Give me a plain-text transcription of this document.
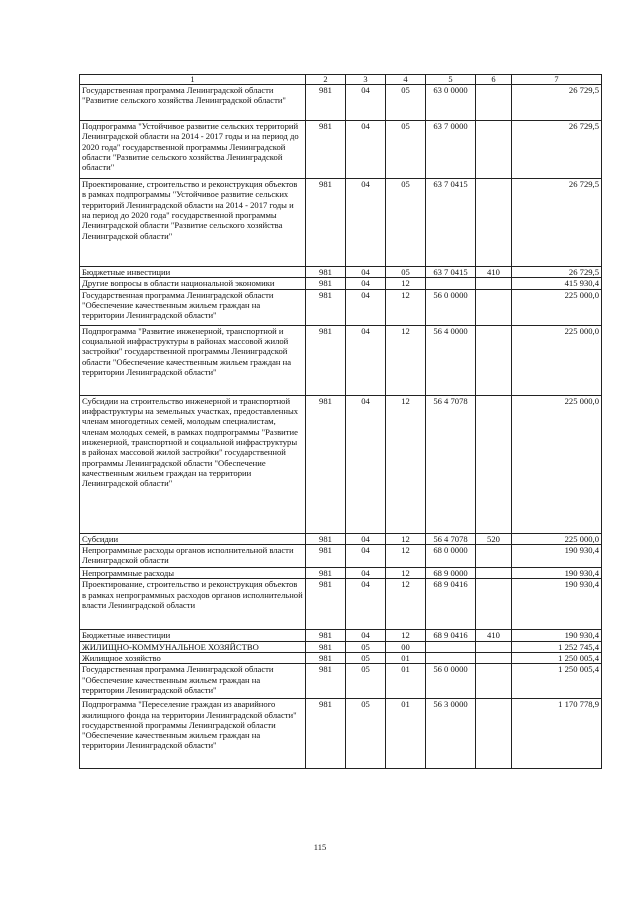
1	2	3	4	5	6	7
Государственная программа Ленинградской области "Развитие сельского хозяйства Ленинградской области"	981	04	05	63 0 0000		26 729,5
Подпрограмма "Устойчивое развитие сельских территорий Ленинградской области на 2014 - 2017 годы и на период до 2020 года" государственной программы Ленинградской области "Развитие сельского хозяйства Ленинградской области"	981	04	05	63 7 0000		26 729,5
Проектирование, строительство и реконструкция объектов в рамках подпрограммы "Устойчивое развитие сельских территорий Ленинградской области на 2014 - 2017 годы и на период до 2020 года" государственной программы Ленинградской области "Развитие сельского хозяйства Ленинградской области"	981	04	05	63 7 0415		26 729,5
Бюджетные инвестиции	981	04	05	63 7 0415	410	26 729,5
Другие вопросы в области национальной экономики	981	04	12			415 930,4
Государственная программа Ленинградской области "Обеспечение качественным жильем граждан на территории Ленинградской области"	981	04	12	56 0 0000		225 000,0
Подпрограмма "Развитие инженерной, транспортной и социальной инфраструктуры в районах массовой жилой застройки" государственной программы Ленинградской области "Обеспечение качественным жильем граждан на территории Ленинградской области"	981	04	12	56 4 0000		225 000,0
Субсидии на строительство инженерной и транспортной инфраструктуры на земельных участках, предоставленных членам многодетных семей, молодым специалистам, членам молодых семей, в рамках подпрограммы "Развитие инженерной, транспортной и социальной инфраструктуры в районах массовой жилой застройки" государственной программы Ленинградской области "Обеспечение качественным жильем граждан на территории Ленинградской области"	981	04	12	56 4 7078		225 000,0
Субсидии	981	04	12	56 4 7078	520	225 000,0
Непрограммные расходы органов исполнительной власти Ленинградской области	981	04	12	68 0 0000		190 930,4
Непрограммные расходы	981	04	12	68 9 0000		190 930,4
Проектирование, строительство и реконструкция объектов в рамках непрограммных расходов органов исполнительной власти Ленинградской области	981	04	12	68 9 0416		190 930,4
Бюджетные инвестиции	981	04	12	68 9 0416	410	190 930,4
ЖИЛИЩНО-КОММУНАЛЬНОЕ ХОЗЯЙСТВО	981	05	00			1 252 745,4
Жилищное хозяйство	981	05	01			1 250 005,4
Государственная программа Ленинградской области "Обеспечение качественным жильем граждан на территории Ленинградской области"	981	05	01	56 0 0000		1 250 005,4
Подпрограмма "Переселение граждан из аварийного жилищного фонда на территории Ленинградской области" государственной программы Ленинградской области "Обеспечение качественным жильем граждан на территории Ленинградской области"	981	05	01	56 3 0000		1 170 778,9
115
